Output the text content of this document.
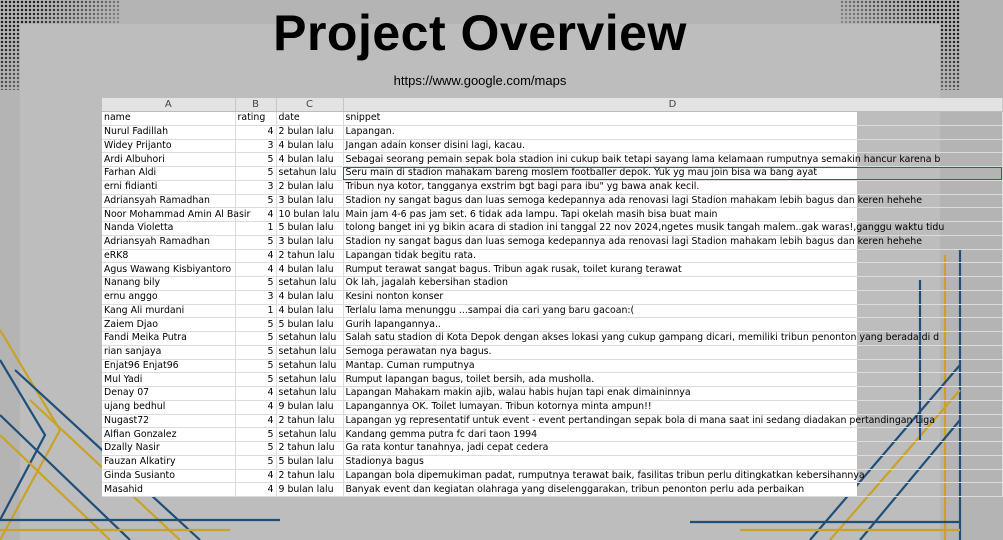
Project Overview
https://www.google.com/maps
A	B	C	D
name	rating	date	snippet
Nurul Fadillah	4	2 bulan lalu	Lapangan.
Widey Prijanto	3	4 bulan lalu	Jangan adain konser disini lagi, kacau.
Ardi Albuhori	5	4 bulan lalu	Sebagai seorang pemain sepak bola stadion ini cukup baik tetapi sayang lama kelamaan rumputnya semakin hancur karena b
Farhan Aldi	5	setahun lalu	Seru main di stadion mahakam bareng moslem footballer depok. Yuk yg mau join bisa wa bang ayat
erni fidianti	3	2 bulan lalu	Tribun nya kotor, tangganya exstrim bgt bagi para ibu" yg bawa anak kecil.
Adriansyah Ramadhan	5	3 bulan lalu	Stadion ny sangat bagus dan luas semoga kedepannya ada renovasi lagi Stadion mahakam lebih bagus dan keren hehehe
Noor Mohammad Amin Al Basir	4	10 bulan lalu	Main jam 4-6 pas jam set. 6 tidak ada lampu. Tapi okelah masih bisa buat main
Nanda Violetta	1	5 bulan lalu	tolong banget ini yg bikin acara di stadion ini tanggal 22 nov 2024,ngetes musik tangah malem..gak waras!,ganggu waktu tidu
Adriansyah Ramadhan	5	3 bulan lalu	Stadion ny sangat bagus dan luas semoga kedepannya ada renovasi lagi Stadion mahakam lebih bagus dan keren hehehe
eRK8	4	2 tahun lalu	Lapangan tidak begitu rata.
Agus Wawang Kisbiyantoro	4	4 bulan lalu	Rumput terawat sangat bagus. Tribun agak rusak, toilet kurang terawat
Nanang bily	5	setahun lalu	Ok lah, jagalah kebersihan stadion
ernu anggo	3	4 bulan lalu	Kesini nonton konser
Kang Ali murdani	1	4 bulan lalu	Terlalu lama menunggu ...sampai dia cari yang baru gacoan:(
Zaiem Djao	5	5 bulan lalu	Gurih lapangannya..
Fandi Meika Putra	5	setahun lalu	Salah satu stadion di Kota Depok dengan akses lokasi yang cukup gampang dicari, memiliki tribun penonton yang berada di d
rian sanjaya	5	setahun lalu	Semoga perawatan nya bagus.
Enjat96 Enjat96	5	setahun lalu	Mantap. Cuman rumputnya
Mul Yadi	5	setahun lalu	Rumput lapangan bagus, toilet bersih, ada musholla.
Denay 07	4	setahun lalu	Lapangan Mahakam makin ajib, walau habis hujan tapi enak dimaininnya
ujang bedhul	4	9 bulan lalu	Lapangannya OK. Toilet lumayan. Tribun kotornya minta ampun!!
Nugast72	4	2 tahun lalu	Lapangan yg representatif untuk event - event pertandingan sepak bola di mana saat ini sedang diadakan pertandingan Liga
Alfian Gonzalez	5	setahun lalu	Kandang gemma putra fc dari taon 1994
Dzally Nasir	5	2 tahun lalu	Ga rata kontur tanahnya, jadi cepat cedera
Fauzan Alkatiry	5	5 bulan lalu	Stadionya bagus
Ginda Susianto	4	2 tahun lalu	Lapangan bola dipemukiman padat, rumputnya terawat baik, fasilitas tribun perlu ditingkatkan kebersihannya
Masahid	4	9 bulan lalu	Banyak event dan kegiatan olahraga yang diselenggarakan, tribun penonton perlu ada perbaikan
